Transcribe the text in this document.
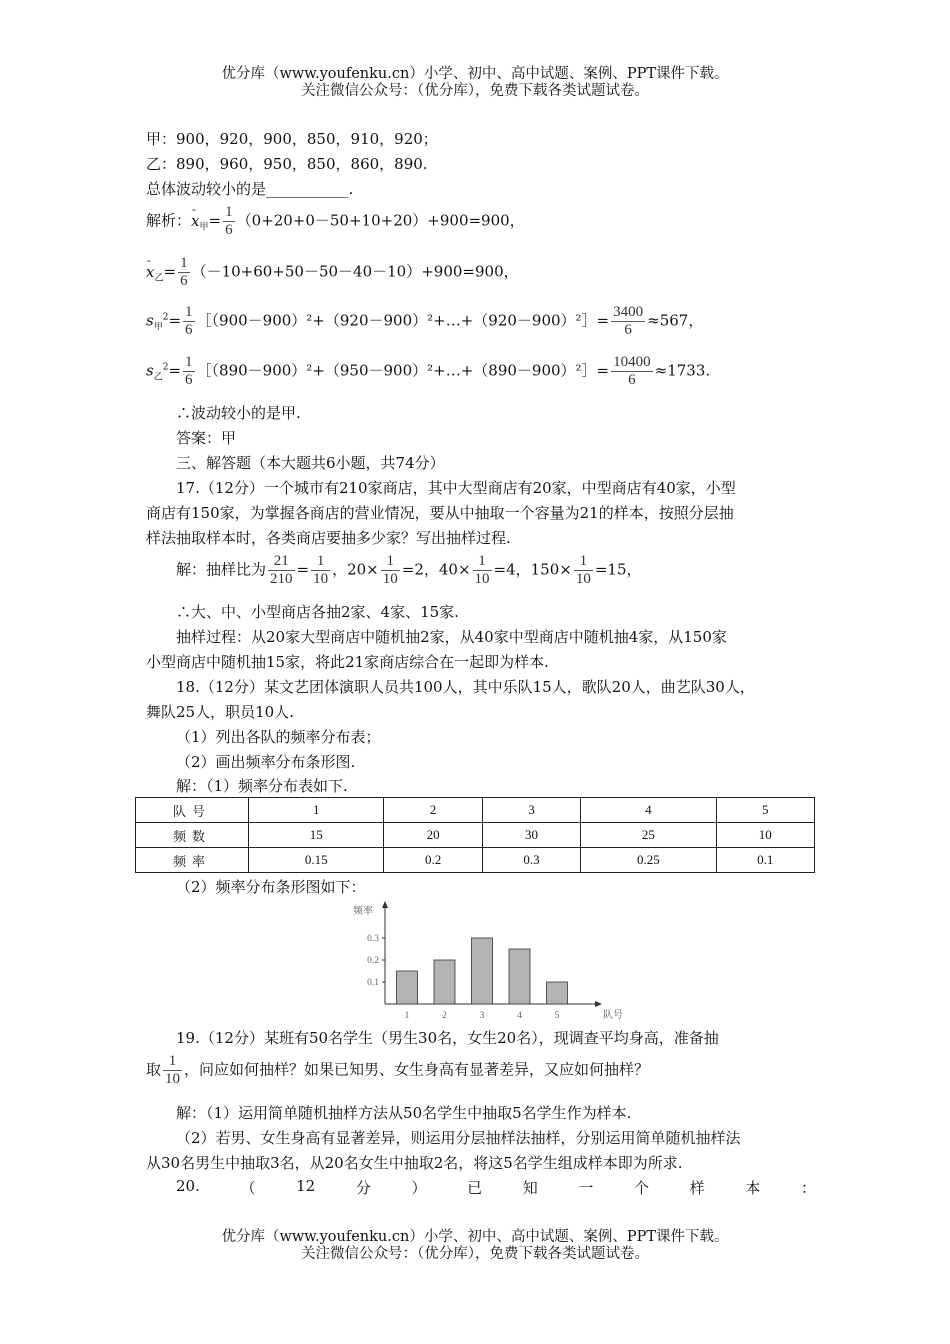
优分库（www.youfenku.cn）小学、初中、高中试题、案例、PPT课件下载。
关注微信公众号：（优分库），免费下载各类试题试卷。
甲：900，920，900，850，910，920；
乙：890，960，950，850，860，890.
总体波动较小的是___________.
解析：- $x_甲= \frac{1}{6} (0+20+0-50+10+20)+900=900$，
- $x_乙= \frac{1}{6} (-10+60+50-50-40-10)+900=900$，
$s_甲^2= \frac{1}{6}$ ［（900－900）²+（920－900）²+…+（920－900）²］= $\frac{3400}{6} \approx 567$，
$s_乙^2= \frac{1}{6}$ ［（890－900）²+（950－900）²+…+（890－900）²］= $\frac{10400}{6} \approx 1733$.
∴波动较小的是甲.
答案：甲
三、解答题（本大题共6小题，共74分）
17.（12分）一个城市有210家商店，其中大型商店有20家，中型商店有40家，小型
商店有150家，为掌握各商店的营业情况，要从中抽取一个容量为21的样本，按照分层抽
样法抽取样本时，各类商店要抽多少家？写出抽样过程.
解：抽样比为 $\frac{21}{210} = \frac{1}{10}$ ，$20\times \frac{1}{10} =2$，$40\times \frac{1}{10} =4$，$150\times \frac{1}{10} =15$，
∴大、中、小型商店各抽2家、4家、15家.
抽样过程：从20家大型商店中随机抽2家，从40家中型商店中随机抽4家，从150家
小型商店中随机抽15家，将此21家商店综合在一起即为样本.
18.（12分）某文艺团体演职人员共100人，其中乐队15人，歌队20人，曲艺队30人，
舞队25人，职员10人.
（1）列出各队的频率分布表；
（2）画出频率分布条形图.
解：（1）频率分布表如下.
（2）频率分布条形图如下：
19.（12分）某班有50名学生（男生30名，女生20名），现调查平均身高，准备抽
取 $\frac{1}{10}$ ，问应如何抽样？如果已知男、女生身高有显著差异，又应如何抽样？
解：（1）运用简单随机抽样方法从50名学生中抽取5名学生作为样本.
（2）若男、女生身高有显著差异，则运用分层抽样法抽样，分别运用简单随机抽样法
从30名男生中抽取3名，从20名女生中抽取2名，将这5名学生组成样本即为所求.
20.	（	12	分	）	已	知	一	个	样	本	：
队号	1	2	3	4	5
频数	15	20	30	25	10
频率	0.15	0.2	0.3	0.25	0.1
频率
队号
0.1
0.2
0.3
1	2	3	4	5
优分库（www.youfenku.cn）小学、初中、高中试题、案例、PPT课件下载。
关注微信公众号：（优分库），免费下载各类试题试卷。
